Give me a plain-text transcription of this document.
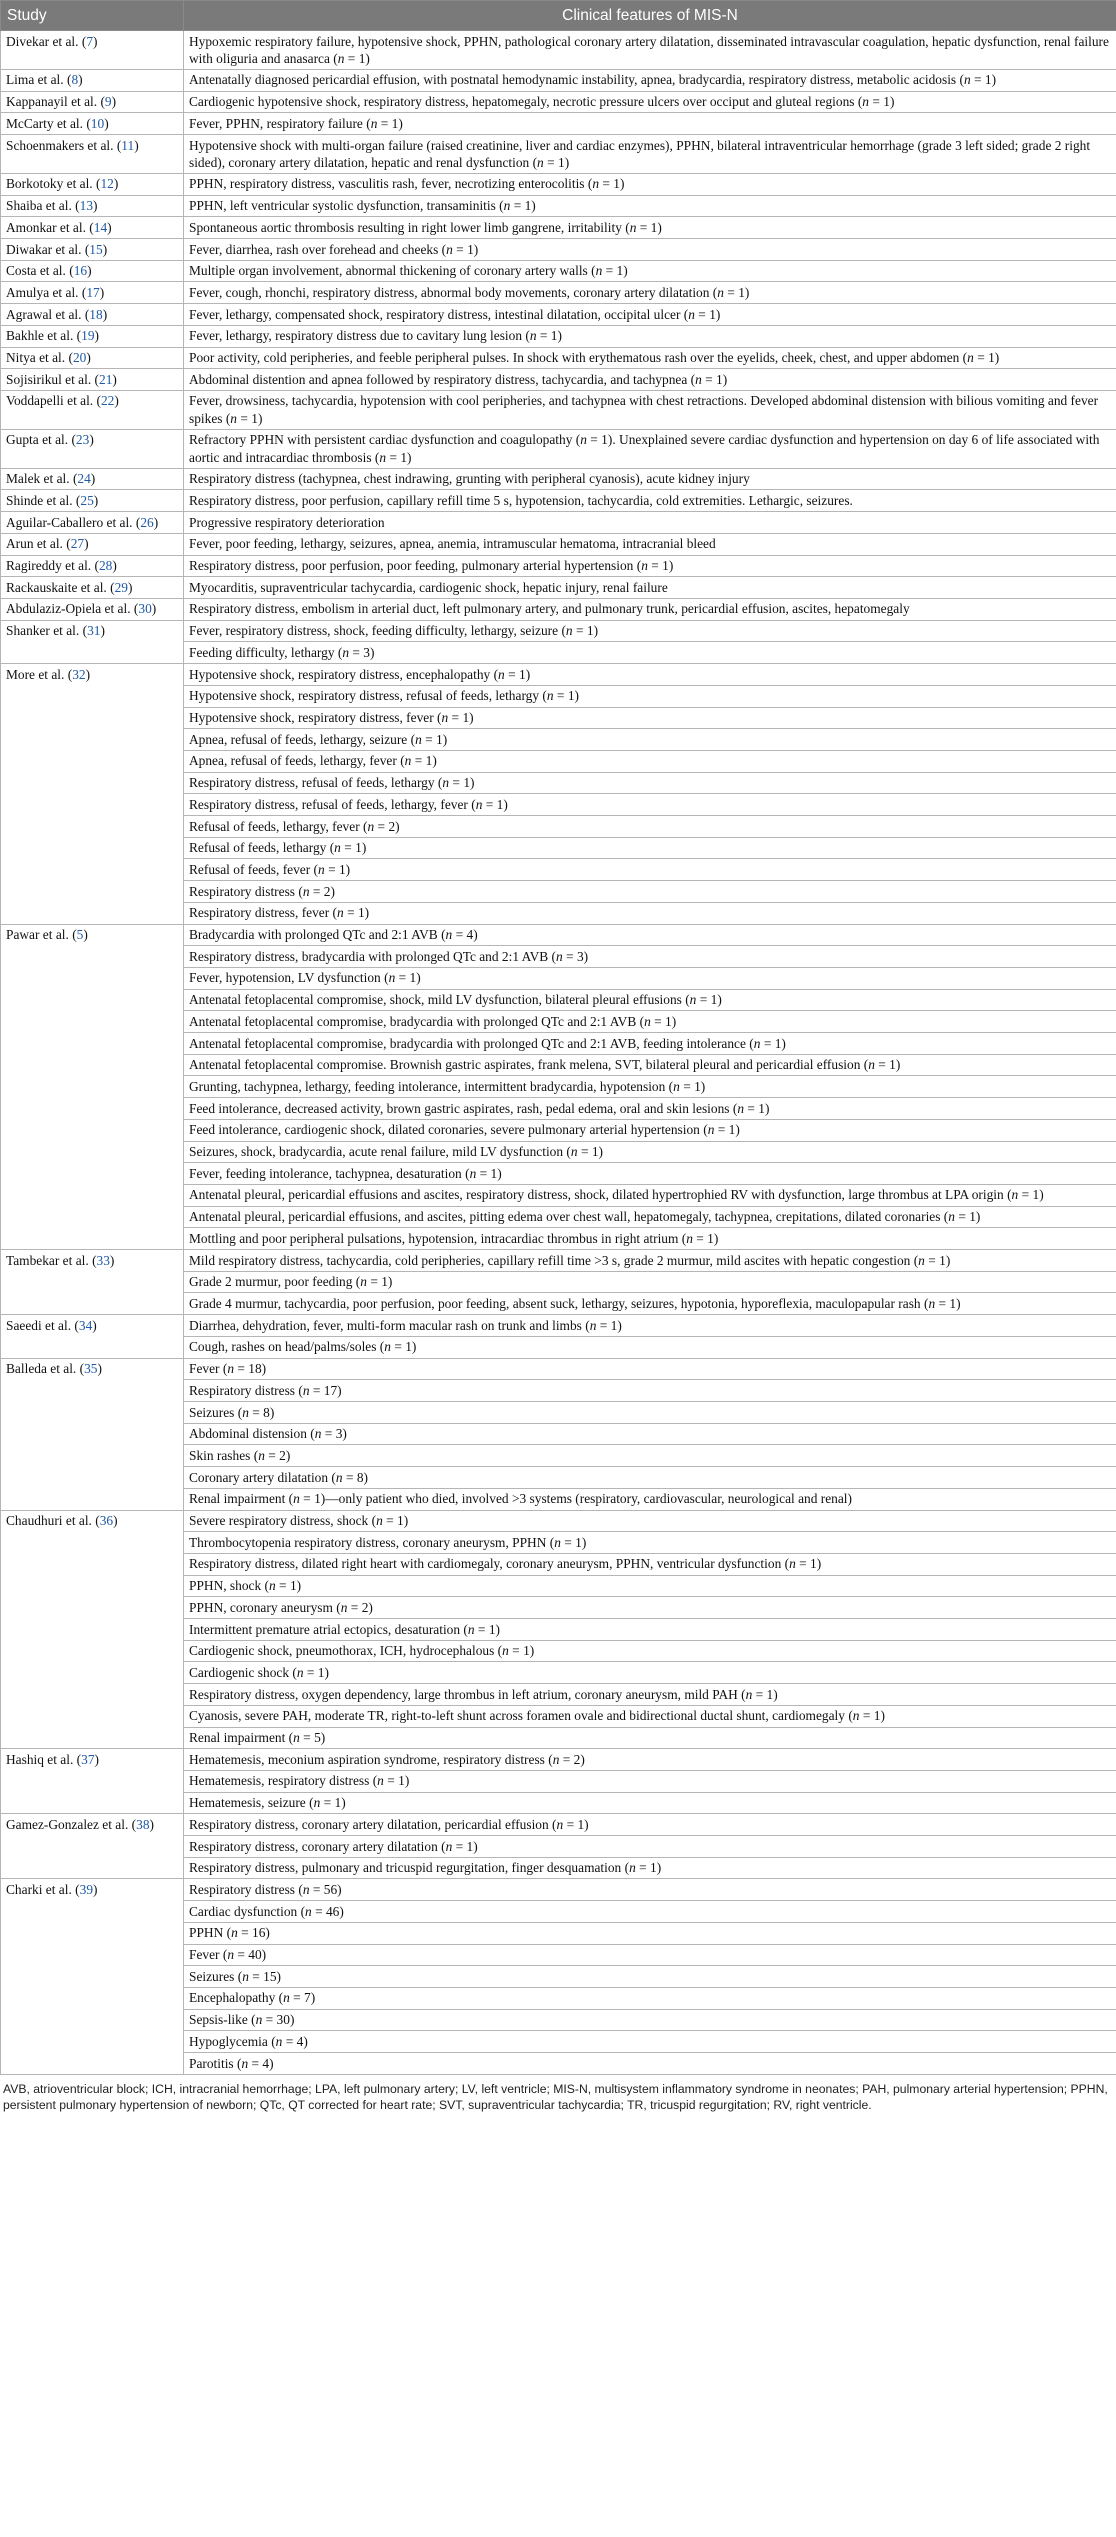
Study	Clinical features of MIS-N
Divekar et al. (7)	Hypoxemic respiratory failure, hypotensive shock, PPHN, pathological coronary artery dilatation, disseminated intravascular coagulation, hepatic dysfunction, renal failure with oliguria and anasarca (n = 1)
Lima et al. (8)	Antenatally diagnosed pericardial effusion, with postnatal hemodynamic instability, apnea, bradycardia, respiratory distress, metabolic acidosis (n = 1)
Kappanayil et al. (9)	Cardiogenic hypotensive shock, respiratory distress, hepatomegaly, necrotic pressure ulcers over occiput and gluteal regions (n = 1)
McCarty et al. (10)	Fever, PPHN, respiratory failure (n = 1)
Schoenmakers et al. (11)	Hypotensive shock with multi-organ failure (raised creatinine, liver and cardiac enzymes), PPHN, bilateral intraventricular hemorrhage (grade 3 left sided; grade 2 right sided), coronary artery dilatation, hepatic and renal dysfunction (n = 1)
Borkotoky et al. (12)	PPHN, respiratory distress, vasculitis rash, fever, necrotizing enterocolitis (n = 1)
Shaiba et al. (13)	PPHN, left ventricular systolic dysfunction, transaminitis (n = 1)
Amonkar et al. (14)	Spontaneous aortic thrombosis resulting in right lower limb gangrene, irritability (n = 1)
Diwakar et al. (15)	Fever, diarrhea, rash over forehead and cheeks (n = 1)
Costa et al. (16)	Multiple organ involvement, abnormal thickening of coronary artery walls (n = 1)
Amulya et al. (17)	Fever, cough, rhonchi, respiratory distress, abnormal body movements, coronary artery dilatation (n = 1)
Agrawal et al. (18)	Fever, lethargy, compensated shock, respiratory distress, intestinal dilatation, occipital ulcer (n = 1)
Bakhle et al. (19)	Fever, lethargy, respiratory distress due to cavitary lung lesion (n = 1)
Nitya et al. (20)	Poor activity, cold peripheries, and feeble peripheral pulses. In shock with erythematous rash over the eyelids, cheek, chest, and upper abdomen (n = 1)
Sojisirikul et al. (21)	Abdominal distention and apnea followed by respiratory distress, tachycardia, and tachypnea (n = 1)
Voddapelli et al. (22)	Fever, drowsiness, tachycardia, hypotension with cool peripheries, and tachypnea with chest retractions. Developed abdominal distension with bilious vomiting and fever spikes (n = 1)
Gupta et al. (23)	Refractory PPHN with persistent cardiac dysfunction and coagulopathy (n = 1). Unexplained severe cardiac dysfunction and hypertension on day 6 of life associated with aortic and intracardiac thrombosis (n = 1)
Malek et al. (24)	Respiratory distress (tachypnea, chest indrawing, grunting with peripheral cyanosis), acute kidney injury
Shinde et al. (25)	Respiratory distress, poor perfusion, capillary refill time 5 s, hypotension, tachycardia, cold extremities. Lethargic, seizures.
Aguilar-Caballero et al. (26)	Progressive respiratory deterioration
Arun et al. (27)	Fever, poor feeding, lethargy, seizures, apnea, anemia, intramuscular hematoma, intracranial bleed
Ragireddy et al. (28)	Respiratory distress, poor perfusion, poor feeding, pulmonary arterial hypertension (n = 1)
Rackauskaite et al. (29)	Myocarditis, supraventricular tachycardia, cardiogenic shock, hepatic injury, renal failure
Abdulaziz-Opiela et al. (30)	Respiratory distress, embolism in arterial duct, left pulmonary artery, and pulmonary trunk, pericardial effusion, ascites, hepatomegaly
Shanker et al. (31)	Fever, respiratory distress, shock, feeding difficulty, lethargy, seizure (n = 1)
	Feeding difficulty, lethargy (n = 3)
More et al. (32)	Hypotensive shock, respiratory distress, encephalopathy (n = 1)
	Hypotensive shock, respiratory distress, refusal of feeds, lethargy (n = 1)
	Hypotensive shock, respiratory distress, fever (n = 1)
	Apnea, refusal of feeds, lethargy, seizure (n = 1)
	Apnea, refusal of feeds, lethargy, fever (n = 1)
	Respiratory distress, refusal of feeds, lethargy (n = 1)
	Respiratory distress, refusal of feeds, lethargy, fever (n = 1)
	Refusal of feeds, lethargy, fever (n = 2)
	Refusal of feeds, lethargy (n = 1)
	Refusal of feeds, fever (n = 1)
	Respiratory distress (n = 2)
	Respiratory distress, fever (n = 1)
Pawar et al. (5)	Bradycardia with prolonged QTc and 2:1 AVB (n = 4)
	Respiratory distress, bradycardia with prolonged QTc and 2:1 AVB (n = 3)
	Fever, hypotension, LV dysfunction (n = 1)
	Antenatal fetoplacental compromise, shock, mild LV dysfunction, bilateral pleural effusions (n = 1)
	Antenatal fetoplacental compromise, bradycardia with prolonged QTc and 2:1 AVB (n = 1)
	Antenatal fetoplacental compromise, bradycardia with prolonged QTc and 2:1 AVB, feeding intolerance (n = 1)
	Antenatal fetoplacental compromise. Brownish gastric aspirates, frank melena, SVT, bilateral pleural and pericardial effusion (n = 1)
	Grunting, tachypnea, lethargy, feeding intolerance, intermittent bradycardia, hypotension (n = 1)
	Feed intolerance, decreased activity, brown gastric aspirates, rash, pedal edema, oral and skin lesions (n = 1)
	Feed intolerance, cardiogenic shock, dilated coronaries, severe pulmonary arterial hypertension (n = 1)
	Seizures, shock, bradycardia, acute renal failure, mild LV dysfunction (n = 1)
	Fever, feeding intolerance, tachypnea, desaturation (n = 1)
	Antenatal pleural, pericardial effusions and ascites, respiratory distress, shock, dilated hypertrophied RV with dysfunction, large thrombus at LPA origin (n = 1)
	Antenatal pleural, pericardial effusions, and ascites, pitting edema over chest wall, hepatomegaly, tachypnea, crepitations, dilated coronaries (n = 1)
	Mottling and poor peripheral pulsations, hypotension, intracardiac thrombus in right atrium (n = 1)
Tambekar et al. (33)	Mild respiratory distress, tachycardia, cold peripheries, capillary refill time >3 s, grade 2 murmur, mild ascites with hepatic congestion (n = 1)
	Grade 2 murmur, poor feeding (n = 1)
	Grade 4 murmur, tachycardia, poor perfusion, poor feeding, absent suck, lethargy, seizures, hypotonia, hyporeflexia, maculopapular rash (n = 1)
Saeedi et al. (34)	Diarrhea, dehydration, fever, multi-form macular rash on trunk and limbs (n = 1)
	Cough, rashes on head/palms/soles (n = 1)
Balleda et al. (35)	Fever (n = 18)
	Respiratory distress (n = 17)
	Seizures (n = 8)
	Abdominal distension (n = 3)
	Skin rashes (n = 2)
	Coronary artery dilatation (n = 8)
	Renal impairment (n = 1)—only patient who died, involved >3 systems (respiratory, cardiovascular, neurological and renal)
Chaudhuri et al. (36)	Severe respiratory distress, shock (n = 1)
	Thrombocytopenia respiratory distress, coronary aneurysm, PPHN (n = 1)
	Respiratory distress, dilated right heart with cardiomegaly, coronary aneurysm, PPHN, ventricular dysfunction (n = 1)
	PPHN, shock (n = 1)
	PPHN, coronary aneurysm (n = 2)
	Intermittent premature atrial ectopics, desaturation (n = 1)
	Cardiogenic shock, pneumothorax, ICH, hydrocephalous (n = 1)
	Cardiogenic shock (n = 1)
	Respiratory distress, oxygen dependency, large thrombus in left atrium, coronary aneurysm, mild PAH (n = 1)
	Cyanosis, severe PAH, moderate TR, right-to-left shunt across foramen ovale and bidirectional ductal shunt, cardiomegaly (n = 1)
	Renal impairment (n = 5)
Hashiq et al. (37)	Hematemesis, meconium aspiration syndrome, respiratory distress (n = 2)
	Hematemesis, respiratory distress (n = 1)
	Hematemesis, seizure (n = 1)
Gamez-Gonzalez et al. (38)	Respiratory distress, coronary artery dilatation, pericardial effusion (n = 1)
	Respiratory distress, coronary artery dilatation (n = 1)
	Respiratory distress, pulmonary and tricuspid regurgitation, finger desquamation (n = 1)
Charki et al. (39)	Respiratory distress (n = 56)
	Cardiac dysfunction (n = 46)
	PPHN (n = 16)
	Fever (n = 40)
	Seizures (n = 15)
	Encephalopathy (n = 7)
	Sepsis-like (n = 30)
	Hypoglycemia (n = 4)
	Parotitis (n = 4)
AVB, atrioventricular block; ICH, intracranial hemorrhage; LPA, left pulmonary artery; LV, left ventricle; MIS-N, multisystem inflammatory syndrome in neonates; PAH, pulmonary arterial hypertension; PPHN, persistent pulmonary hypertension of newborn; QTc, QT corrected for heart rate; SVT, supraventricular tachycardia; TR, tricuspid regurgitation; RV, right ventricle.
